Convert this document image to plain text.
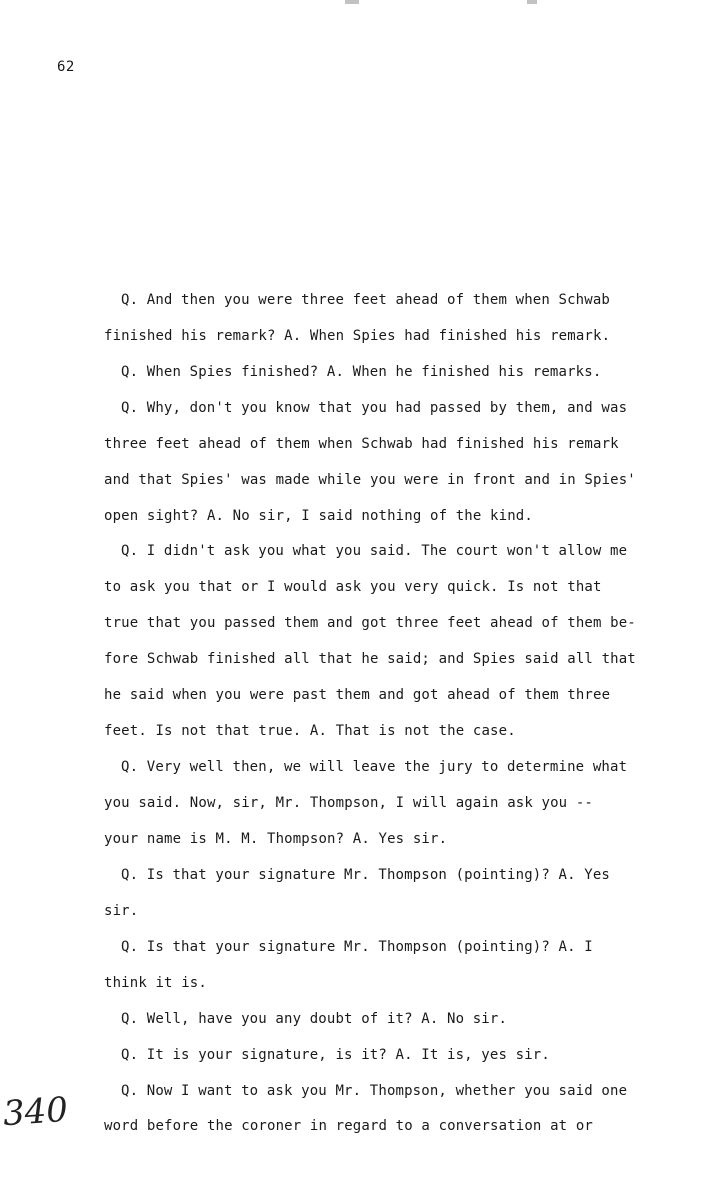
62
Q. And then you were three feet ahead of them when Schwab
finished his remark? A. When Spies had finished his remark.
Q. When Spies finished? A. When he finished his remarks.
Q. Why, don't you know that you had passed by them, and was
three feet ahead of them when Schwab had finished his remark
and that Spies' was made while you were in front and in Spies'
open sight? A. No sir, I said nothing of the kind.
Q. I didn't ask you what you said. The court won't allow me
to ask you that or I would ask you very quick. Is not that
true that you passed them and got three feet ahead of them be-
fore Schwab finished all that he said; and Spies said all that
he said when you were past them and got ahead of them three
feet. Is not that true. A. That is not the case.
Q. Very well then, we will leave the jury to determine what
you said. Now, sir, Mr. Thompson, I will again ask you --
your name is M. M. Thompson? A. Yes sir.
Q. Is that your signature Mr. Thompson (pointing)? A. Yes
sir.
Q. Is that your signature Mr. Thompson (pointing)? A. I
think it is.
Q. Well, have you any doubt of it? A. No sir.
Q. It is your signature, is it? A. It is, yes sir.
Q. Now I want to ask you Mr. Thompson, whether you said one
word before the coroner in regard to a conversation at or
340
